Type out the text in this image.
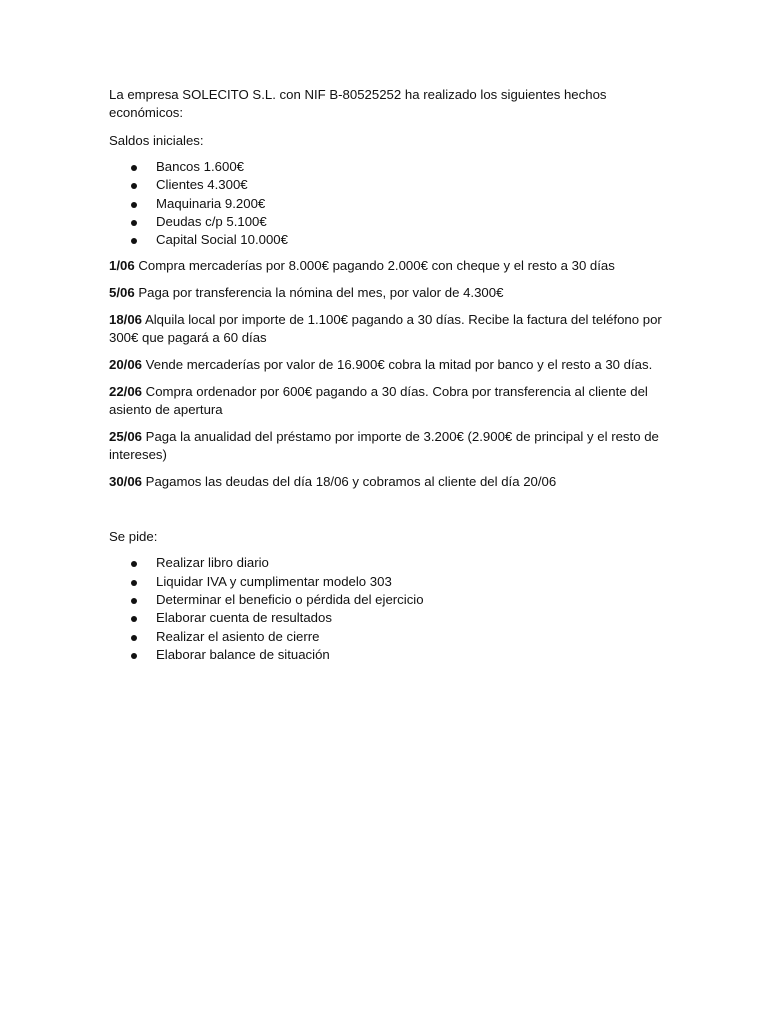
La empresa SOLECITO S.L. con NIF B-80525252 ha realizado los siguientes hechos económicos:

Saldos iniciales:

Bancos 1.600€
Clientes 4.300€
Maquinaria 9.200€
Deudas c/p 5.100€
Capital Social 10.000€

1/06 Compra mercaderías por 8.000€ pagando 2.000€ con cheque y el resto a 30 días

5/06 Paga por transferencia la nómina del mes, por valor de 4.300€

18/06 Alquila local por importe de 1.100€ pagando a 30 días. Recibe la factura del teléfono por 300€ que pagará a 60 días

20/06 Vende mercaderías por valor de 16.900€ cobra la mitad por banco y el resto a 30 días.

22/06 Compra ordenador por 600€ pagando a 30 días. Cobra por transferencia al cliente del asiento de apertura

25/06 Paga la anualidad del préstamo por importe de 3.200€ (2.900€ de principal y el resto de intereses)

30/06 Pagamos las deudas del día 18/06 y cobramos al cliente del día 20/06

Se pide:

Realizar libro diario
Liquidar IVA y cumplimentar modelo 303
Determinar el beneficio o pérdida del ejercicio
Elaborar cuenta de resultados
Realizar el asiento de cierre
Elaborar balance de situación
